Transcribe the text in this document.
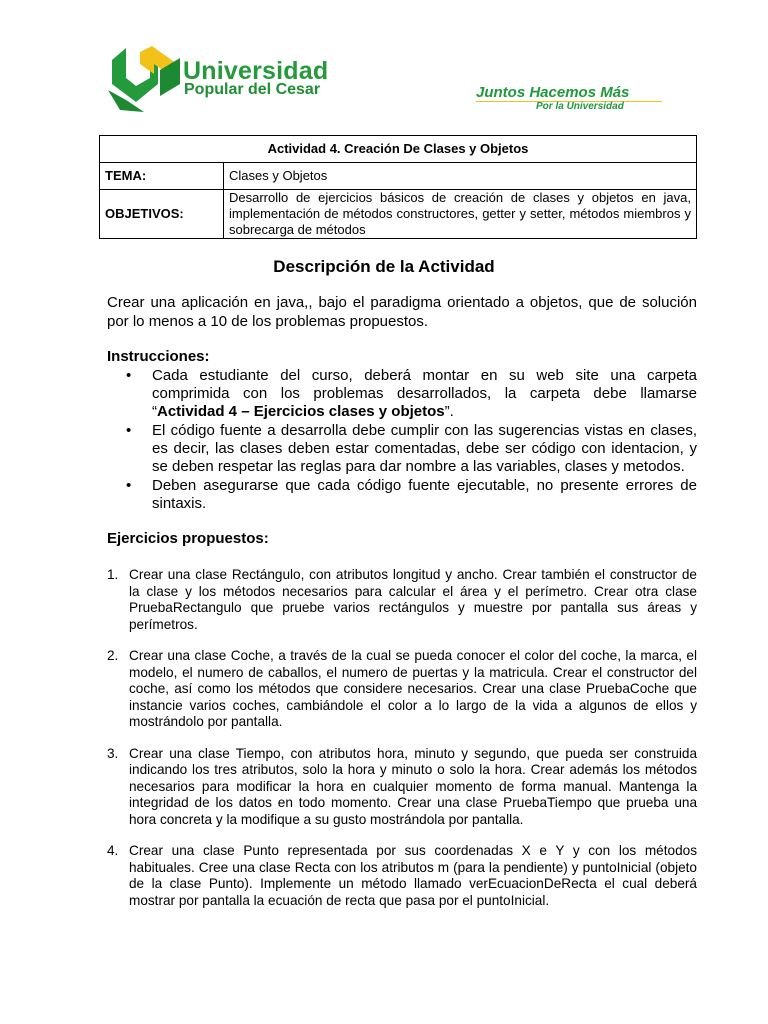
Universidad
Popular del Cesar	Juntos Hacemos Más
Por la Universidad
Actividad 4. Creación De Clases y Objetos	
TEMA:	Clases y Objetos
OBJETIVOS:	Desarrollo de ejercicios básicos de creación de clases y objetos en java, implementación de métodos constructores, getter y setter, métodos miembros y sobrecarga de métodos
Descripción de la Actividad
Crear una aplicación en java,, bajo el paradigma orientado a objetos, que de solución por lo menos a 10 de los problemas propuestos.
Instrucciones:
• Cada estudiante del curso, deberá montar en su web site una carpeta comprimida con los problemas desarrollados, la carpeta debe llamarse “Actividad 4 – Ejercicios clases y objetos”.
• El código fuente a desarrolla debe cumplir con las sugerencias vistas en clases, es decir, las clases deben estar comentadas, debe ser código con identacion, y se deben respetar las reglas para dar nombre a las variables, clases y metodos.
• Deben asegurarse que cada código fuente ejecutable, no presente errores de sintaxis.
Ejercicios propuestos:
1. Crear una clase Rectángulo, con atributos longitud y ancho. Crear también el constructor de la clase y los métodos necesarios para calcular el área y el perímetro. Crear otra clase PruebaRectangulo que pruebe varios rectángulos y muestre por pantalla sus áreas y perímetros.
2. Crear una clase Coche, a través de la cual se pueda conocer el color del coche, la marca, el modelo, el numero de caballos, el numero de puertas y la matricula. Crear el constructor del coche, así como los métodos que considere necesarios. Crear una clase PruebaCoche que instancie varios coches, cambiándole el color a lo largo de la vida a algunos de ellos y mostrándolo por pantalla.
3. Crear una clase Tiempo, con atributos hora, minuto y segundo, que pueda ser construida indicando los tres atributos, solo la hora y minuto o solo la hora. Crear además los métodos necesarios para modificar la hora en cualquier momento de forma manual. Mantenga la integridad de los datos en todo momento. Crear una clase PruebaTiempo que prueba una hora concreta y la modifique a su gusto mostrándola por pantalla.
4. Crear una clase Punto representada por sus coordenadas X e Y y con los métodos habituales. Cree una clase Recta con los atributos m (para la pendiente) y puntoInicial (objeto de la clase Punto). Implemente un método llamado verEcuacionDeRecta el cual deberá mostrar por pantalla la ecuación de recta que pasa por el puntoInicial.
